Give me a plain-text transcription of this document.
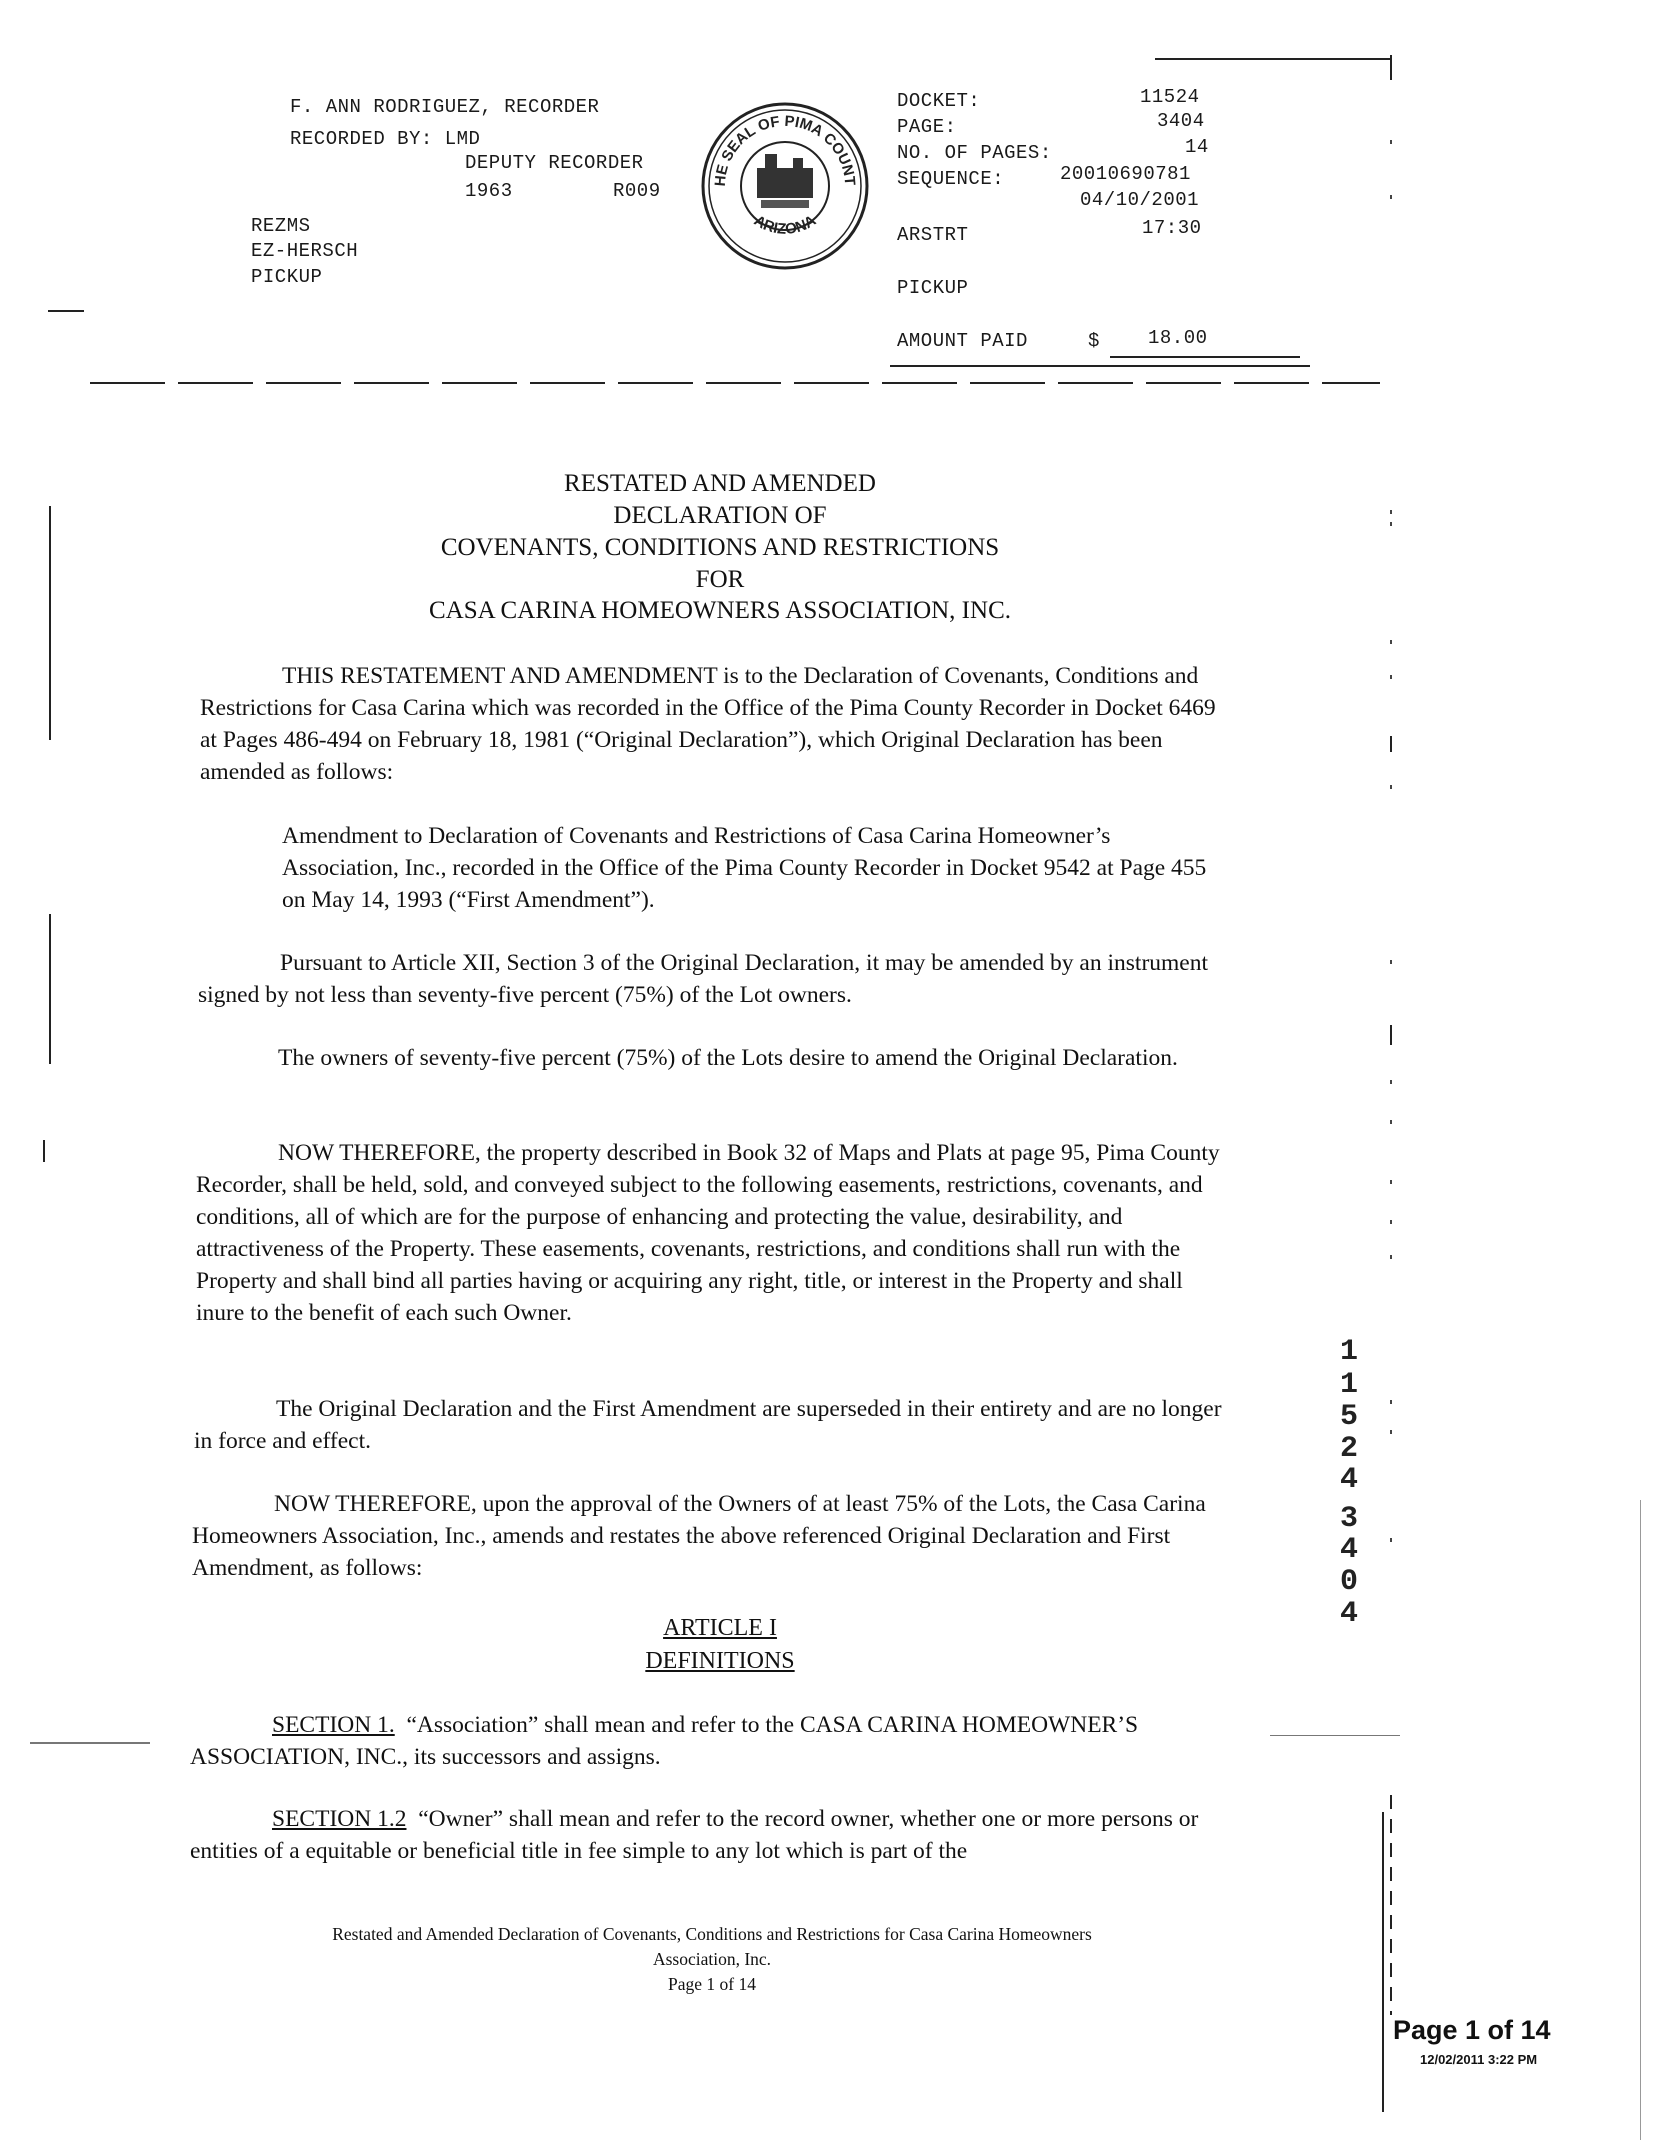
F. ANN RODRIGUEZ, RECORDER
RECORDED BY: LMD
DEPUTY RECORDER
1963	R009
REZMS
EZ-HERSCH
PICKUP
HE SEAL OF PIMA COUNT
ARIZONA
DOCKET:	11524
PAGE:	3404
NO. OF PAGES:	14
SEQUENCE:	20010690781
04/10/2001
ARSTRT	17:30
PICKUP
AMOUNT PAID	$	18.00
RESTATED AND AMENDED
DECLARATION OF
COVENANTS, CONDITIONS AND RESTRICTIONS
FOR
CASA CARINA HOMEOWNERS ASSOCIATION, INC.

THIS RESTATEMENT AND AMENDMENT is to the Declaration of Covenants, Conditions and Restrictions for Casa Carina which was recorded in the Office of the Pima County Recorder in Docket 6469 at Pages 486-494 on February 18, 1981 (“Original Declaration”), which Original Declaration has been amended as follows:

Amendment to Declaration of Covenants and Restrictions of Casa Carina Homeowner’s Association, Inc., recorded in the Office of the Pima County Recorder in Docket 9542 at Page 455 on May 14, 1993 (“First Amendment”).

Pursuant to Article XII, Section 3 of the Original Declaration, it may be amended by an instrument signed by not less than seventy-five percent (75%) of the Lot owners.

The owners of seventy-five percent (75%) of the Lots desire to amend the Original Declaration.

NOW THEREFORE, the property described in Book 32 of Maps and Plats at page 95, Pima County Recorder, shall be held, sold, and conveyed subject to the following easements, restrictions, covenants, and conditions, all of which are for the purpose of enhancing and protecting the value, desirability, and attractiveness of the Property. These easements, covenants, restrictions, and conditions shall run with the Property and shall bind all parties having or acquiring any right, title, or interest in the Property and shall inure to the benefit of each such Owner.

The Original Declaration and the First Amendment are superseded in their entirety and are no longer in force and effect.

NOW THEREFORE, upon the approval of the Owners of at least 75% of the Lots, the Casa Carina Homeowners Association, Inc., amends and restates the above referenced Original Declaration and First Amendment, as follows:

ARTICLE I
DEFINITIONS

SECTION 1. “Association” shall mean and refer to the CASA CARINA HOMEOWNER’S ASSOCIATION, INC., its successors and assigns.

SECTION 1.2 “Owner” shall mean and refer to the record owner, whether one or more persons or entities of a equitable or beneficial title in fee simple to any lot which is part of the

Restated and Amended Declaration of Covenants, Conditions and Restrictions for Casa Carina Homeowners
Association, Inc.
Page 1 of 14
1
1
5
2
4
3
4
0
4
Page 1 of 14
12/02/2011 3:22 PM
